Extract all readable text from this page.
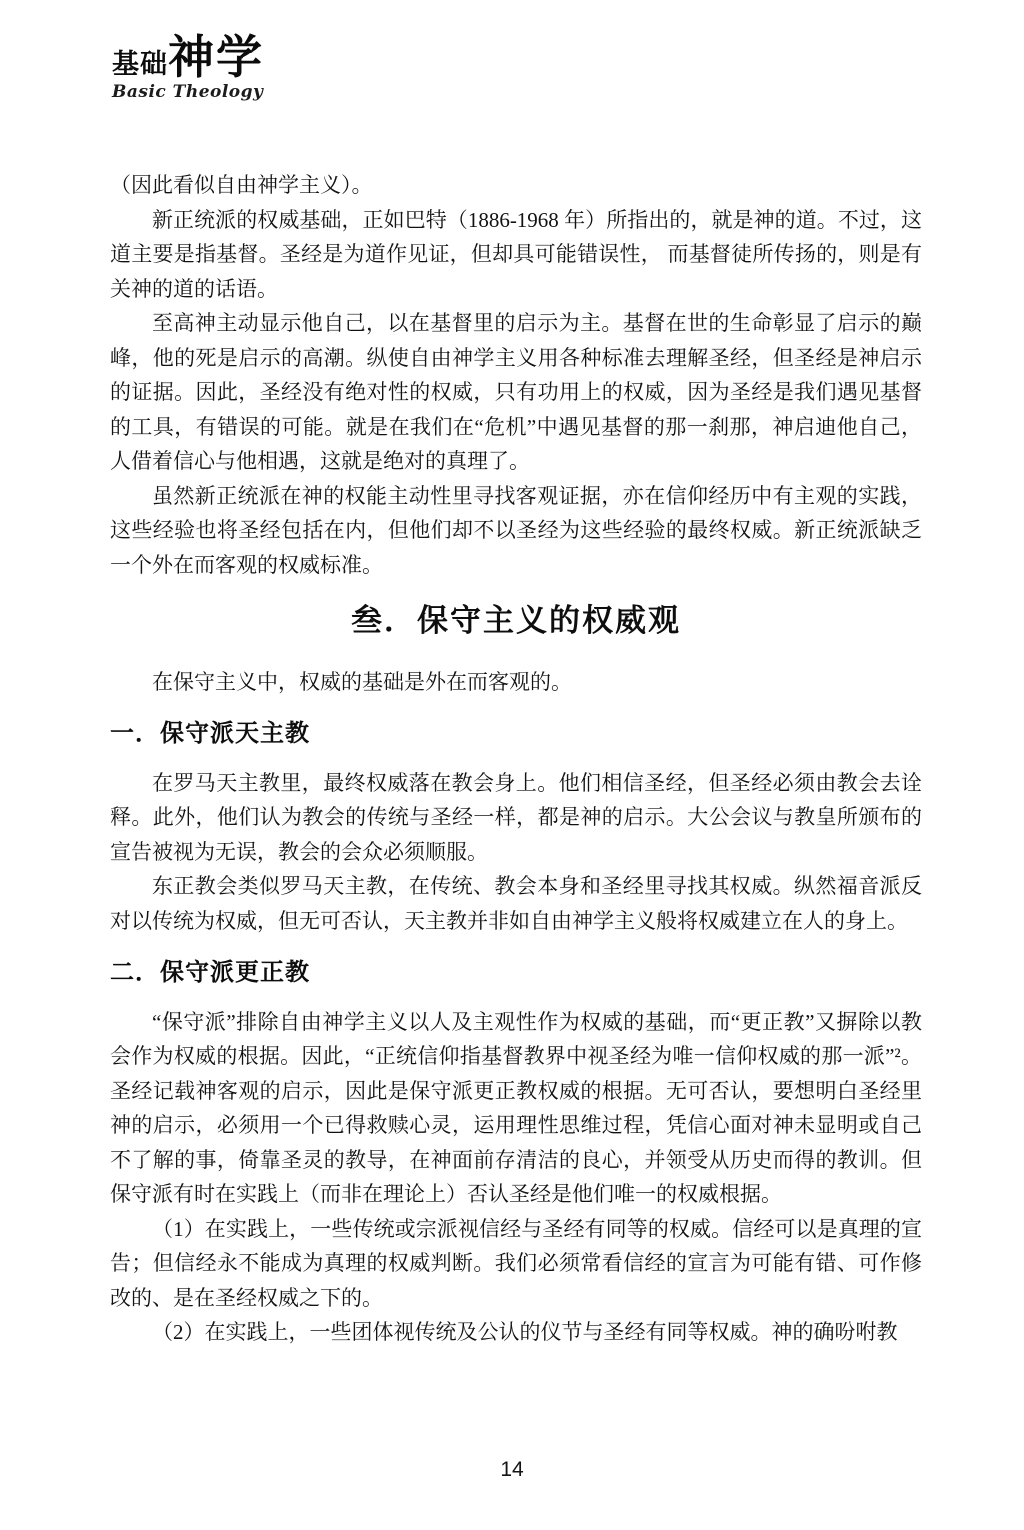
基础 神学
Basic Theology

（因此看似自由神学主义）。

新正统派的权威基础，正如巴特（1886-1968 年）所指出的，就是神的道。不过，这道主要是指基督。圣经是为道作见证，但却具可能错误性， 而基督徒所传扬的，则是有关神的道的话语。

至高神主动显示他自己，以在基督里的启示为主。基督在世的生命彰显了启示的巅峰，他的死是启示的高潮。纵使自由神学主义用各种标准去理解圣经，但圣经是神启示的证据。因此，圣经没有绝对性的权威，只有功用上的权威，因为圣经是我们遇见基督的工具，有错误的可能。就是在我们在“危机”中遇见基督的那一刹那，神启迪他自己，人借着信心与他相遇，这就是绝对的真理了。

虽然新正统派在神的权能主动性里寻找客观证据，亦在信仰经历中有主观的实践，这些经验也将圣经包括在内，但他们却不以圣经为这些经验的最终权威。新正统派缺乏一个外在而客观的权威标准。

叁．保守主义的权威观

在保守主义中，权威的基础是外在而客观的。

一．保守派天主教

在罗马天主教里，最终权威落在教会身上。他们相信圣经，但圣经必须由教会去诠释。此外，他们认为教会的传统与圣经一样，都是神的启示。大公会议与教皇所颁布的宣告被视为无误，教会的会众必须顺服。

东正教会类似罗马天主教，在传统、教会本身和圣经里寻找其权威。纵然福音派反对以传统为权威，但无可否认，天主教并非如自由神学主义般将权威建立在人的身上。

二．保守派更正教

“保守派”排除自由神学主义以人及主观性作为权威的基础，而“更正教”又摒除以教会作为权威的根据。因此，“正统信仰指基督教界中视圣经为唯一信仰权威的那一派”²。圣经记载神客观的启示，因此是保守派更正教权威的根据。无可否认，要想明白圣经里神的启示，必须用一个已得救赎心灵，运用理性思维过程，凭信心面对神未显明或自己不了解的事，倚靠圣灵的教导，在神面前存清洁的良心，并领受从历史而得的教训。但保守派有时在实践上（而非在理论上）否认圣经是他们唯一的权威根据。

（1）在实践上，一些传统或宗派视信经与圣经有同等的权威。信经可以是真理的宣告；但信经永不能成为真理的权威判断。我们必须常看信经的宣言为可能有错、可作修改的、是在圣经权威之下的。

（2）在实践上，一些团体视传统及公认的仪节与圣经有同等权威。神的确吩咐教

14
